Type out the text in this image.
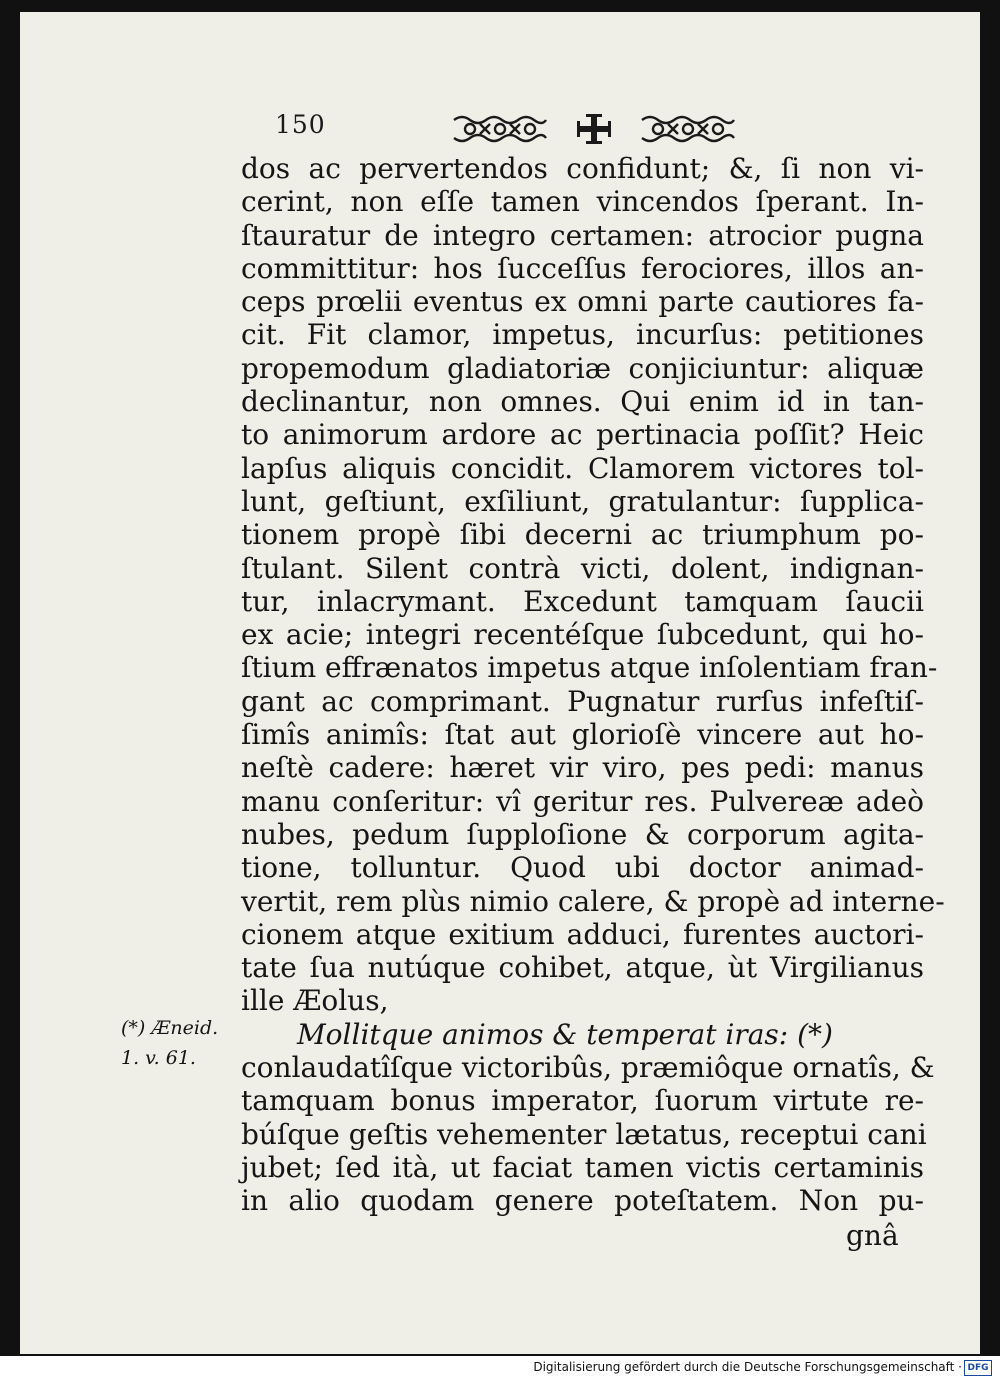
150
dos ac pervertendos confidunt; &, ſi non vi-
cerint, non eſſe tamen vincendos ſperant. In-
ſtauratur de integro certamen: atrocior pugna
committitur: hos ſucceſſus ferociores, illos an-
ceps prœlii eventus ex omni parte cautiores fa-
cit. Fit clamor, impetus, incurſus: petitiones
propemodum gladiatoriæ conjiciuntur: aliquæ
declinantur, non omnes. Qui enim id in tan-
to animorum ardore ac pertinacia poſſit? Heic
lapſus aliquis concidit. Clamorem victores tol-
lunt, geſtiunt, exſiliunt, gratulantur: ſupplica-
tionem propè ſibi decerni ac triumphum po-
ſtulant. Silent contrà victi, dolent, indignan-
tur, inlacrymant. Excedunt tamquam ſaucii
ex acie; integri recentéſque ſubcedunt, qui ho-
ſtium effrænatos impetus atque inſolentiam fran-
gant ac comprimant. Pugnatur rurſus infeſtiſ-
ſimîs animîs: ſtat aut glorioſè vincere aut ho-
neſtè cadere: hæret vir viro, pes pedi: manus
manu conſeritur: vî geritur res. Pulvereæ adeò
nubes, pedum ſupploſione & corporum agita-
tione, tolluntur. Quod ubi doctor animad-
vertit, rem plùs nimio calere, & propè ad interne-
cionem atque exitium adduci, furentes auctori-
tate ſua nutúque cohibet, atque, ùt Virgilianus
ille Æolus,
Mollitque animos & temperat iras: (*)
conlaudatîſque victoribûs, præmiôque ornatîs, &
tamquam bonus imperator, ſuorum virtute re-
búſque geſtis vehementer lætatus, receptui cani
jubet; ſed ità, ut faciat tamen victis certaminis
in alio quodam genere poteſtatem. Non pu-
(*) Æneid.
1. v. 61.
gnâ
Digitalisierung gefördert durch die Deutsche Forschungsgemeinschaft · DFG
